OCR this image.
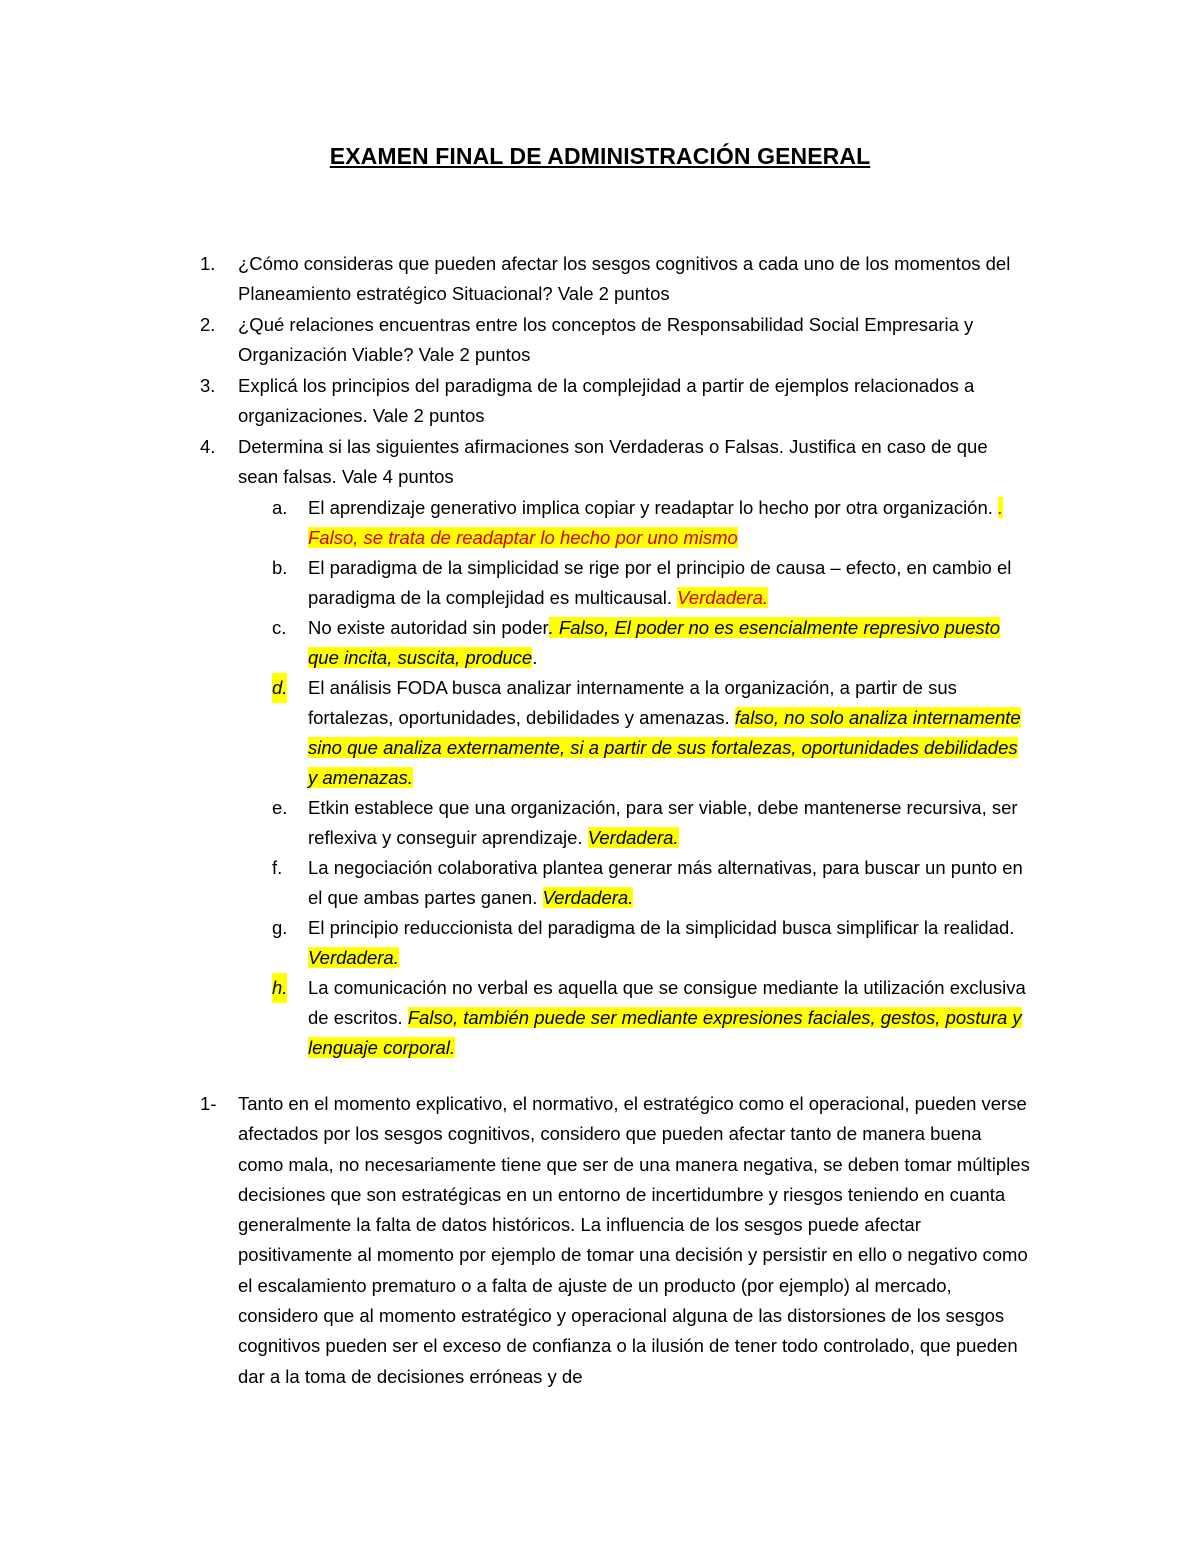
EXAMEN FINAL DE ADMINISTRACIÓN GENERAL
1. ¿Cómo consideras que pueden afectar los sesgos cognitivos a cada uno de los momentos del Planeamiento estratégico Situacional? Vale 2 puntos
2. ¿Qué relaciones encuentras entre los conceptos de Responsabilidad Social Empresaria y Organización Viable? Vale 2 puntos
3. Explicá los principios del paradigma de la complejidad a partir de ejemplos relacionados a organizaciones. Vale 2 puntos
4. Determina si las siguientes afirmaciones son Verdaderas o Falsas. Justifica en caso de que sean falsas. Vale 4 puntos
a. El aprendizaje generativo implica copiar y readaptar lo hecho por otra organización. . Falso, se trata de readaptar lo hecho por uno mismo
b. El paradigma de la simplicidad se rige por el principio de causa – efecto, en cambio el paradigma de la complejidad es multicausal. Verdadera.
c. No existe autoridad sin poder. Falso, El poder no es esencialmente represivo puesto que incita, suscita, produce.
d. El análisis FODA busca analizar internamente a la organización, a partir de sus fortalezas, oportunidades, debilidades y amenazas. falso, no solo analiza internamente sino que analiza externamente, si a partir de sus fortalezas, oportunidades debilidades y amenazas.
e. Etkin establece que una organización, para ser viable, debe mantenerse recursiva, ser reflexiva y conseguir aprendizaje. Verdadera.
f. La negociación colaborativa plantea generar más alternativas, para buscar un punto en el que ambas partes ganen. Verdadera.
g. El principio reduccionista del paradigma de la simplicidad busca simplificar la realidad. Verdadera.
h. La comunicación no verbal es aquella que se consigue mediante la utilización exclusiva de escritos. Falso, también puede ser mediante expresiones faciales, gestos, postura y lenguaje corporal.
1-	Tanto en el momento explicativo, el normativo, el estratégico como el operacional, pueden verse afectados por los sesgos cognitivos, considero que pueden afectar tanto de manera buena como mala, no necesariamente tiene que ser de una manera negativa, se deben tomar múltiples decisiones que son estratégicas en un entorno de incertidumbre y riesgos teniendo en cuanta generalmente la falta de datos históricos. La influencia de los sesgos puede afectar positivamente al momento por ejemplo de tomar una decisión y persistir en ello o negativo como el escalamiento prematuro o a falta de ajuste de un producto (por ejemplo) al mercado, considero que al momento estratégico y operacional alguna de las distorsiones de los sesgos cognitivos pueden ser el exceso de confianza o la ilusión de tener todo controlado, que pueden dar a la toma de decisiones erróneas y de
